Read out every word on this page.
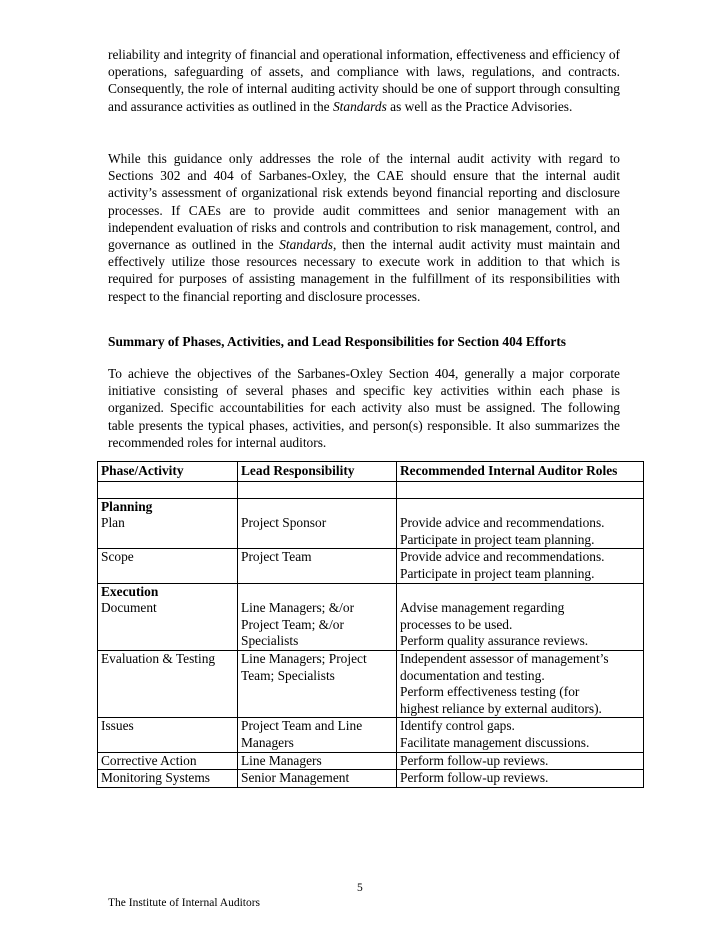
reliability and integrity of financial and operational information, effectiveness and efficiency of operations, safeguarding of assets, and compliance with laws, regulations, and contracts. Consequently, the role of internal auditing activity should be one of support through consulting and assurance activities as outlined in the Standards as well as the Practice Advisories.
While this guidance only addresses the role of the internal audit activity with regard to Sections 302 and 404 of Sarbanes-Oxley, the CAE should ensure that the internal audit activity’s assessment of organizational risk extends beyond financial reporting and disclosure processes. If CAEs are to provide audit committees and senior management with an independent evaluation of risks and controls and contribution to risk management, control, and governance as outlined in the Standards, then the internal audit activity must maintain and effectively utilize those resources necessary to execute work in addition to that which is required for purposes of assisting management in the fulfillment of its responsibilities with respect to the financial reporting and disclosure processes.
Summary of Phases, Activities, and Lead Responsibilities for Section 404 Efforts
To achieve the objectives of the Sarbanes-Oxley Section 404, generally a major corporate initiative consisting of several phases and specific key activities within each phase is organized. Specific accountabilities for each activity also must be assigned. The following table presents the typical phases, activities, and person(s) responsible. It also summarizes the recommended roles for internal auditors.
Phase/Activity	Lead Responsibility	Recommended Internal Auditor Roles

Planning
Plan	Project Sponsor	Provide advice and recommendations.
Participate in project team planning.

Scope	Project Team	Provide advice and recommendations.
Participate in project team planning.

Execution
Document	Line Managers; &/or
Project Team; &/or
Specialists	Advise management regarding
processes to be used.
Perform quality assurance reviews.

Evaluation & Testing	Line Managers; Project
Team; Specialists	Independent assessor of management’s
documentation and testing.
Perform effectiveness testing (for
highest reliance by external auditors).

Issues	Project Team and Line
Managers	Identify control gaps.
Facilitate management discussions.

Corrective Action	Line Managers	Perform follow-up reviews.
Monitoring Systems	Senior Management	Perform follow-up reviews.
5
The Institute of Internal Auditors
